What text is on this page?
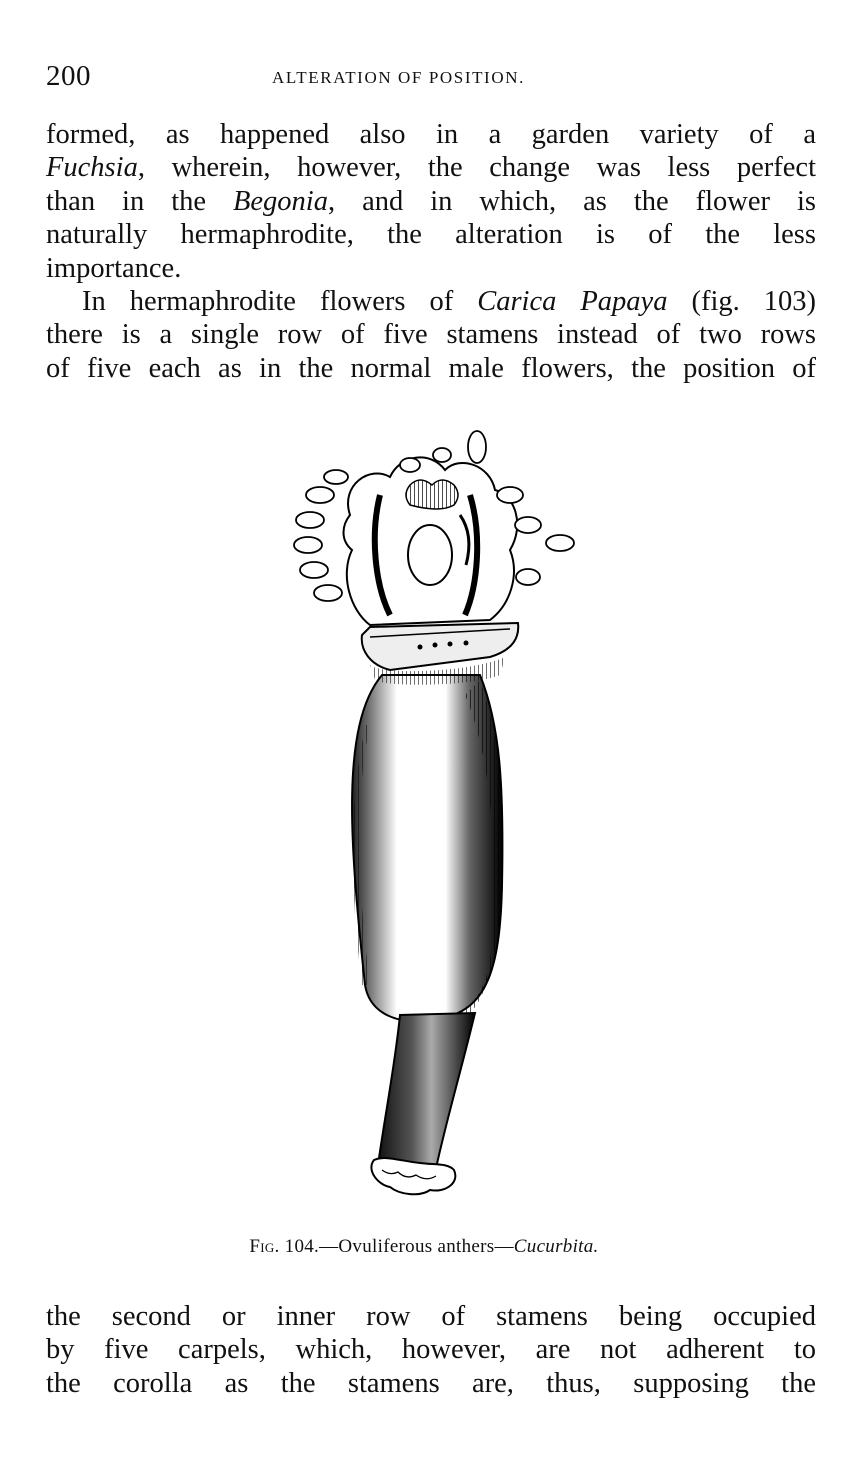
200	ALTERATION OF POSITION.

formed, as happened also in a garden variety of a

Fuchsia, wherein, however, the change was less perfect

than in the Begonia, and in which, as the flower is

naturally hermaphrodite, the alteration is of the less

importance.

In hermaphrodite flowers of Carica Papaya (fig. 103)

there is a single row of five stamens instead of two rows

of five each as in the normal male flowers, the position of

Fig. 104.—Ovuliferous anthers—Cucurbita.

the second or inner row of stamens being occupied

by five carpels, which, however, are not adherent to

the corolla as the stamens are, thus, supposing the
